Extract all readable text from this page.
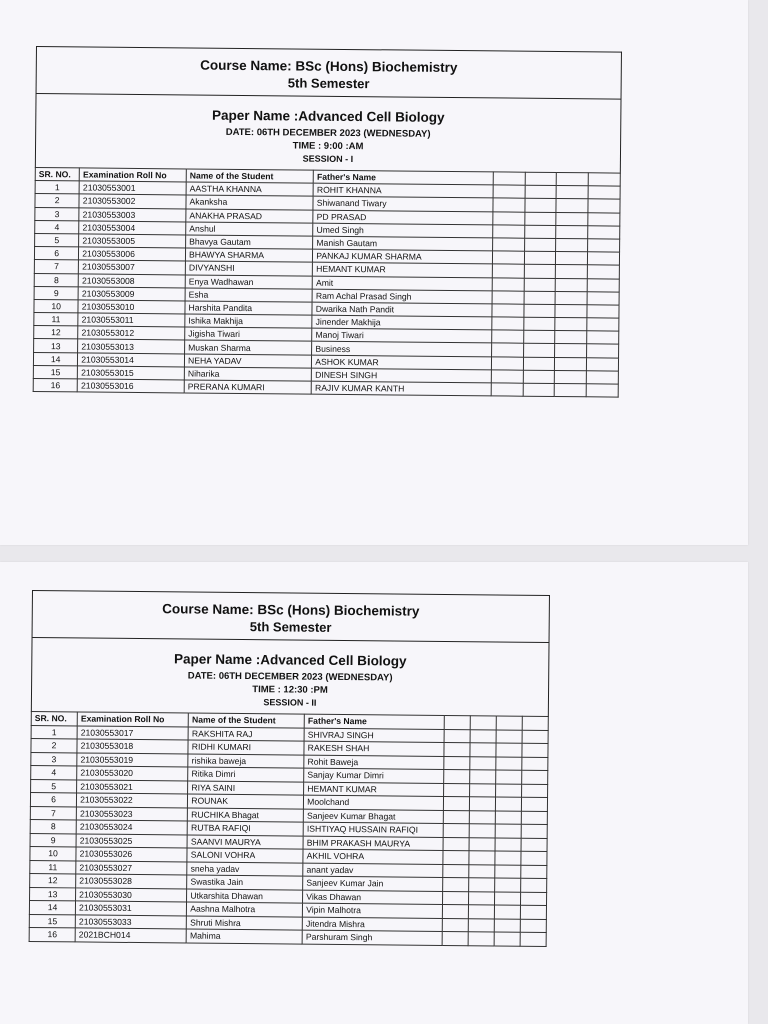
Course Name: BSc (Hons) Biochemistry
5th Semester
Paper Name :Advanced Cell Biology
DATE: 06TH DECEMBER 2023 (WEDNESDAY)
TIME : 9:00 :AM
SESSION - I
SR. NO.	Examination Roll No	Name of the Student	Father's Name				
1	21030553001	AASTHA KHANNA	ROHIT KHANNA				
2	21030553002	Akanksha	Shiwanand Tiwary				
3	21030553003	ANAKHA PRASAD	PD PRASAD				
4	21030553004	Anshul	Umed Singh				
5	21030553005	Bhavya Gautam	Manish Gautam				
6	21030553006	BHAWYA SHARMA	PANKAJ KUMAR SHARMA				
7	21030553007	DIVYANSHI	HEMANT KUMAR				
8	21030553008	Enya Wadhawan	Amit				
9	21030553009	Esha	Ram Achal Prasad Singh				
10	21030553010	Harshita Pandita	Dwarika Nath Pandit				
11	21030553011	Ishika Makhija	Jinender Makhija				
12	21030553012	Jigisha Tiwari	Manoj Tiwari				
13	21030553013	Muskan Sharma	Business				
14	21030553014	NEHA YADAV	ASHOK KUMAR				
15	21030553015	Niharika	DINESH SINGH				
16	21030553016	PRERANA KUMARI	RAJIV KUMAR KANTH				
Course Name: BSc (Hons) Biochemistry
5th Semester
Paper Name :Advanced Cell Biology
DATE: 06TH DECEMBER 2023 (WEDNESDAY)
TIME : 12:30 :PM
SESSION - II
SR. NO.	Examination Roll No	Name of the Student	Father's Name				
1	21030553017	RAKSHITA RAJ	SHIVRAJ SINGH				
2	21030553018	RIDHI KUMARI	RAKESH SHAH				
3	21030553019	rishika baweja	Rohit Baweja				
4	21030553020	Ritika Dimri	Sanjay Kumar Dimri				
5	21030553021	RIYA SAINI	HEMANT KUMAR				
6	21030553022	ROUNAK	Moolchand				
7	21030553023	RUCHIKA Bhagat	Sanjeev Kumar Bhagat				
8	21030553024	RUTBA RAFIQI	ISHTIYAQ HUSSAIN RAFIQI				
9	21030553025	SAANVI MAURYA	BHIM PRAKASH MAURYA				
10	21030553026	SALONI VOHRA	AKHIL VOHRA				
11	21030553027	sneha yadav	anant yadav				
12	21030553028	Swastika Jain	Sanjeev Kumar Jain				
13	21030553030	Utkarshita Dhawan	Vikas Dhawan				
14	21030553031	Aashna Malhotra	Vipin Malhotra				
15	21030553033	Shruti Mishra	Jitendra Mishra				
16	2021BCH014	Mahima	Parshuram Singh				
